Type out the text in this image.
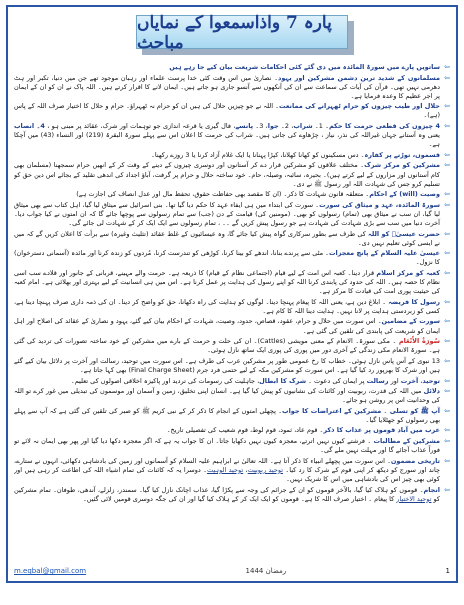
پارہ 7 واذاسمعوا کے نمایاں مباحث
⇦
ساتویں پارے میں سورۃ المائدہ میں دی گئے کئی احکامات شریعت بیان کیے جا رہے ہیں
⇦
مسلمانوں کے شدید ترین دشمن مشرکین اور یہود۔ نصاریٰ میں اس وقت کئی خدا پرست علماء اور رہبان موجود تھے جن میں دنیا، تکبر اور ہٹ دھرمی نہیں تھی۔ قرآن کی آیات کی سماعت سے ان کی آنکھوں سے آنسو جاری ہو جاتے ہیں۔ ایمان لانے کا اقرار کرتے ہیں۔ اللہ پاک نے ان کو ان کے ایمان پر اجر عظیم کا وعدہ فرمایا ہے۔
⇦
حلال اور طیب چیزوں کو حرام ٹھہرانے کی ممانعت۔ اللہ نے جو چیزیں حلال کی ہیں ان کو حرام نہ ٹھہراؤ۔ حرام و حلال کا اختیار صرف اللہ کے پاس (ہے)۔
⇦
4 چیزوں کی قطعی حرمت کا حکم۔ 1۔ شراب، 2۔ جوا، 3۔ پانسے، فال گیری یا قرعہ اندازی جو توہمات اور شرک، عقائد پر مبنی ہو ، 4۔ انصاب یعنی وہ آستانے جہاں غیراللہ کی نذر، نیاز ، چڑھاوے کی جاتی ہیں۔ شراب کی حرمت کا اعلان اس سے پہلے سورۃ البقرۃ (219) اور النساء (43) میں آچکا ہے۔
⇦
قسموں، توڑنے پر کفارہ۔ دس مسکینوں کو کھانا کھلانا، کپڑا پہنانا یا ایک غلام آزاد کرنا یا 3 روزے رکھنا۔
⇦
مشرکین کو مرکز شرک۔ مختلف علاقوں کو مشرکین قرار دے کر آستانوں اور دوسری چیزوں کے دینے کے وقت کر کے انھیں حرام سمجھنا (مسلمان بھی کام آستانوں اور مزاروں کے لیے کرتے ہیں)۔ بحیرہ، سائبہ، وصیلہ، حام۔ خود ساختہ حلال و حرام پر گرفت، آباؤ اجداد کی اندھی تقلید کے بجائے اس دین حق کو تسلیم کرو جس کی شہادت اللہ اور رسول ﷺ نے دی۔
⇦
وصیت (will) کے احکام۔ متعلقہ قانون شہادت کا ذکر۔ (ان کا مقصد بھی حفاظت حقوق، تحفظ مال اور عدل انصاف کی اجازت ہے)
⇦
سورۃ المائدہ، عہد و میثاق کی سورت۔ سورت کی ابتداء میں ہی ایفاء عہد کا حکم دیا گیا تھا۔ بنی اسرائیل سے میثاق لیا گیا، اہل کتاب سے بھی میثاق لیا گیا، ان سب نے میثاق بھی (تمام) رسولوں کو بھی۔ (مومنین کی) قیامت کے دن (جب) سے تمام رسولوں سے پوچھا جائے گا کہ ان امتوں نے کیا جواب دیا۔ آخرت دنیا میں سب سے بڑی شہادت کی شہادت ہے جو رسول پیش کریں گے ۔۔ ، تمام رسولوں سے ایک ایک کر کے شہادت لی جائے گی۔
⇦
حضرت عیسیٰؑ کو اللہ کی طرف سے بطور سرکاری گواہ پیش کیا جائے گا، وہ عیسائیوں کے غلط عقائد (تثلیث وغیرہ) سے برأت کا اعلان کریں گے کہ میں نے ایسی کوئی تعلیم نہیں دی۔
⇦
عیسیٰ علیہ السلام کے پانچ معجزات۔ مٹی سے پرندے بنانا، اندھے کو بینا کرنا، کوڑھی کو تندرست کرنا، مُردوں کو زندہ کرنا اور مائدہ (آسمانی دسترخوان) کا نزول۔
⇦
کعبہ کو مرکز اسلام قرار دینا۔ کعبہ اس امت کے لیے قیام (اجتماعی نظام کے قیام) کا ذریعہ ہے۔ حرمت والے مہینے، قربانی کے جانور اور قلادے سب اسی نظام کا حصہ ہیں۔ اللہ کی حدود کی پابندی کرنا اللہ کو اپنے رسول کی ہدایت پر عمل کرنا ہے۔ اس میں ہی انسانیت کے لیے بہتری اور بھلائی ہے۔ امام کعبہ کی حیثیت پوری امت کی قیادت کا مرکز ہے۔
⇦
رسول کا فریضہ ۔ ابلاغ دین ہے، یعنی اللہ کا پیغام پہنچا دینا۔ لوگوں کو ہدایت کی راہ دکھانا، حق کو واضح کر دینا۔ ان کی ذمہ داری صرف پہنچا دینا ہے، کسی کو زبردستی ہدایت پر لانا نہیں۔ ہدایت دینا اللہ کا کام ہے۔
⇦
سورت کے مضامین۔ اس سورت میں حلال و حرام، عقود، قصاص، حدود، وصیت، شہادت کے احکام بیان کیے گئے، یہود و نصاریٰ کے عقائد کی اصلاح اور اہل ایمان کو شریعت کی پابندی کی تلقین کی گئی ہے۔
⇦
سُورَةُ الأَنْعَام ۔ مکی سورۃ۔ الانعام کے معنی مویشی (Cattles)۔ ان کی حلت و حرمت کے بارے میں مشرکین کے خود ساختہ تصورات کی تردید کی گئی ہے۔ سورۃ الانعام مکی زندگی کے آخری دور میں پوری کی پوری ایک ساتھ نازل ہوئی۔
⇦
13 نبوی کے آس پاس نازل ہوئی۔ خطاب کا رخ عمومی طور پر مشرکین عرب کی طرف ہے۔ اس سورت میں توحید، رسالت اور آخرت پر دلائل بیان کیے گئے ہیں اور شرک کا بھرپور رد کیا گیا ہے۔ اس سورت کو مشرکین مکہ کے لیے حتمی فرد جرم (Final Charge Sheet) بھی کہا جاتا ہے۔
⇦
توحید، آخرت اور رسالت پر ایمان کی دعوت ۔ شرک کا ابطال، جاہلیت کی رسومات کی تردید اور پاکیزہ اخلاقی اصولوں کی تعلیم۔
⇦
دلائل میں اللہ کی قدرت، ربوبیت اور کائنات کی نشانیوں کو پیش کیا گیا ہے۔ انسان اپنی تخلیق، زمین و آسمان اور موسموں کی تبدیلی میں غور کرے تو اللہ کی وحدانیت اس پر روشن ہو جائے۔
⇦
آپ ﷺ کو تسلی ۔ مشرکین کے اعتراضات کا جواب۔ پچھلی امتوں کے انجام کا ذکر کر کے نبی کریم ﷺ کو صبر کی تلقین کی گئی ہے کہ آپ سے پہلے بھی رسولوں کو جھٹلایا گیا۔
⇦
عرب میں آباد قوموں پر عذاب کا ذکر۔ قوم عاد، ثمود، قوم لوط، قوم شعیب کی تفصیلی تاریخ۔
⇦
مشرکین کے مطالبات ۔ فرشتے کیوں نہیں اترتے، معجزہ کیوں نہیں دکھایا جاتا۔ ان کا جواب یہ ہے کہ اگر معجزہ دکھا دیا گیا اور پھر بھی ایمان نہ لائے تو فوراً عذاب آجائے گا اور مہلت نہیں ملے گی۔
⇦
تاریخی مضمون۔ اس سورت میں پچھلے انبیاء کا ذکر آتا ہے۔ اللہ تعالیٰ نے ابراہیم علیہ السلام کو آسمانوں اور زمین کی بادشاہی دکھائی، انہوں نے ستارے، چاند اور سورج کو دیکھ کر اپنی قوم کے شرک کا رد کیا۔ توحید ربوبیت، توحید الوہیت۔ دوسرا یہ کہ کائنات کی تمام اشیاء اللہ کی اطاعت کر رہی ہیں اور کوئی بھی چیز اس کی بادشاہی میں اس کا شریک نہیں۔
⇦
انجام۔ قوموں کو ہلاک کیا گیا، بالآخر قوموں کو ان کے جرائم کی وجہ سے پکڑا گیا، عذاب اچانک نازل کیا گیا۔ سمندر، زلزلے، آندھی، طوفان۔ تمام مشرکین کو توحید الاختیار کا پیغام ۔ اختیار صرف اللہ کا ہے۔ قوموں کو ایک ایک کر کے ہلاک کیا گیا اور ان کی جگہ دوسری قومیں لائی گئیں۔
m.eqbal@gmail.com	رمضان 1444	1
